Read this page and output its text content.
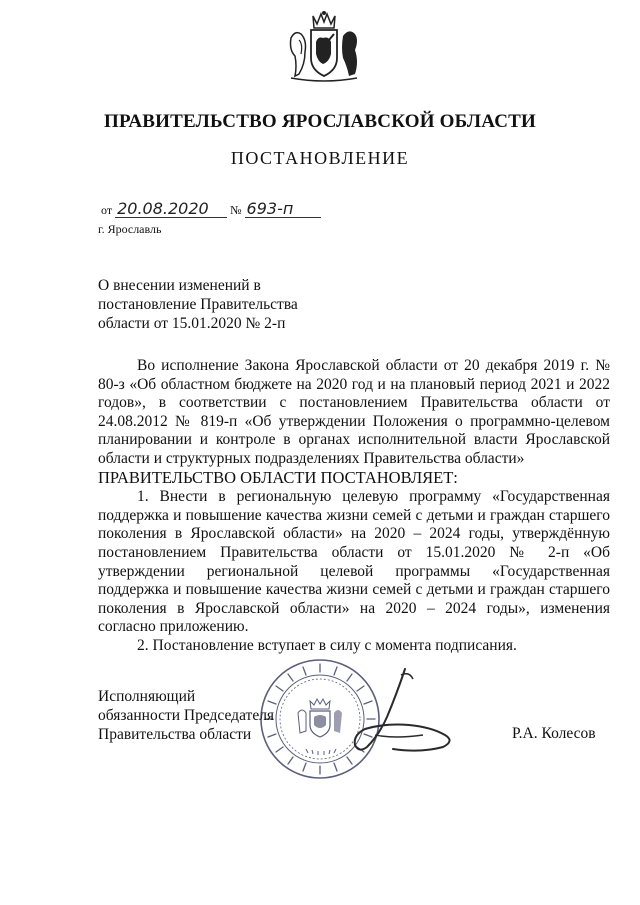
ПРАВИТЕЛЬСТВО ЯРОСЛАВСКОЙ ОБЛАСТИ
ПОСТАНОВЛЕНИЕ
от 20.08.2020 № 693-п
г. Ярославль
О внесении изменений в
постановление Правительства
области от 15.01.2020 № 2-п

Во исполнение Закона Ярославской области от 20 декабря 2019 г. № 80-з «Об областном бюджете на 2020 год и на плановый период 2021 и 2022 годов», в соответствии с постановлением Правительства области от 24.08.2012 № 819-п «Об утверждении Положения о программно-целевом планировании и контроле в органах исполнительной власти Ярославской области и структурных подразделениях Правительства области»

ПРАВИТЕЛЬСТВО ОБЛАСТИ ПОСТАНОВЛЯЕТ:

1. Внести в региональную целевую программу «Государственная поддержка и повышение качества жизни семей с детьми и граждан старшего поколения в Ярославской области» на 2020 – 2024 годы, утверждённую постановлением Правительства области от 15.01.2020 № 2-п «Об утверждении региональной целевой программы «Государственная поддержка и повышение качества жизни семей с детьми и граждан старшего поколения в Ярославской области» на 2020 – 2024 годы», изменения согласно приложению.

2. Постановление вступает в силу с момента подписания.

Исполняющий
обязанности Председателя
Правительства области	Р.А. Колесов
